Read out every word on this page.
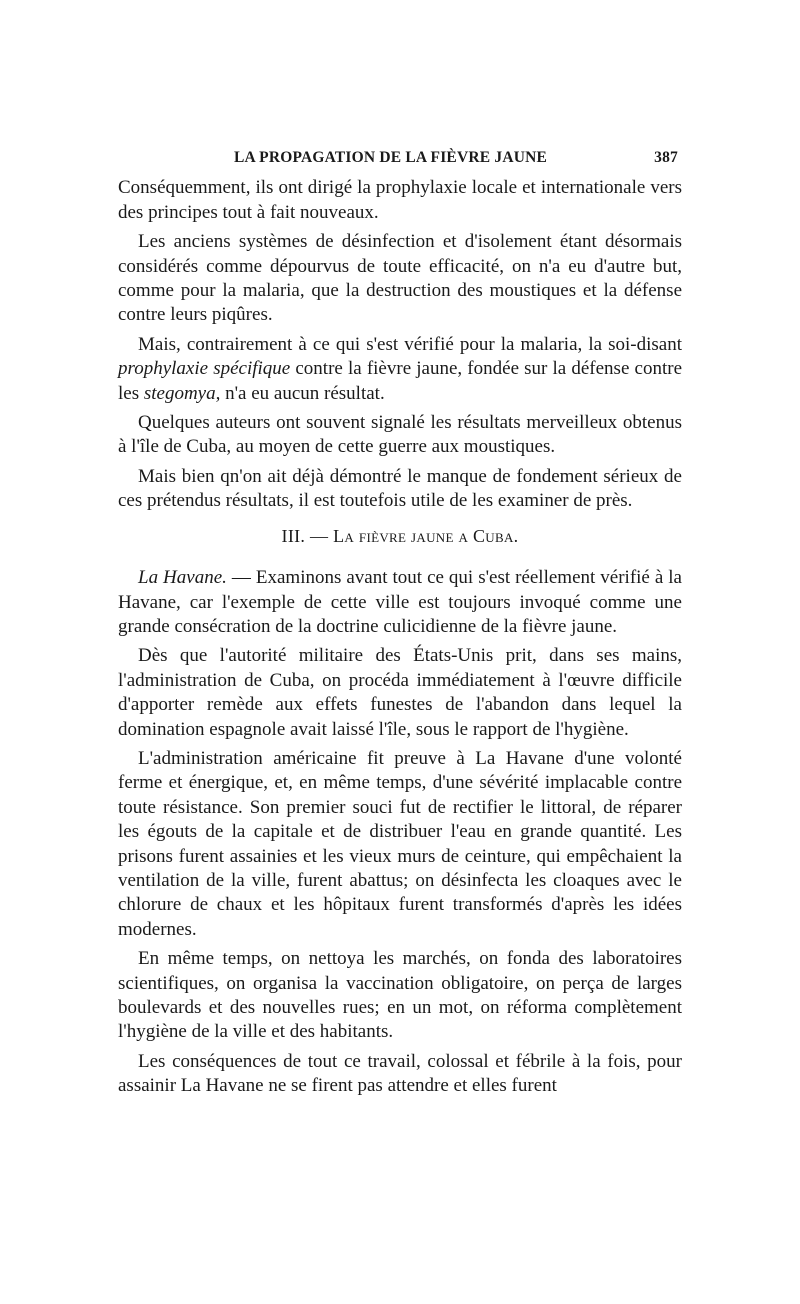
LA PROPAGATION DE LA FIÈVRE JAUNE	387

Conséquemment, ils ont dirigé la prophylaxie locale et internationale vers des principes tout à fait nouveaux.

Les anciens systèmes de désinfection et d'isolement étant désormais considérés comme dépourvus de toute efficacité, on n'a eu d'autre but, comme pour la malaria, que la destruction des moustiques et la défense contre leurs piqûres.

Mais, contrairement à ce qui s'est vérifié pour la malaria, la soi-disant prophylaxie spécifique contre la fièvre jaune, fondée sur la défense contre les stegomya, n'a eu aucun résultat.

Quelques auteurs ont souvent signalé les résultats merveilleux obtenus à l'île de Cuba, au moyen de cette guerre aux moustiques.

Mais bien qn'on ait déjà démontré le manque de fondement sérieux de ces prétendus résultats, il est toutefois utile de les examiner de près.

III. — La fièvre jaune a Cuba.

La Havane. — Examinons avant tout ce qui s'est réellement vérifié à la Havane, car l'exemple de cette ville est toujours invoqué comme une grande consécration de la doctrine culicidienne de la fièvre jaune.

Dès que l'autorité militaire des États-Unis prit, dans ses mains, l'administration de Cuba, on procéda immédiatement à l'œuvre difficile d'apporter remède aux effets funestes de l'abandon dans lequel la domination espagnole avait laissé l'île, sous le rapport de l'hygiène.

L'administration américaine fit preuve à La Havane d'une volonté ferme et énergique, et, en même temps, d'une sévérité implacable contre toute résistance. Son premier souci fut de rectifier le littoral, de réparer les égouts de la capitale et de distribuer l'eau en grande quantité. Les prisons furent assainies et les vieux murs de ceinture, qui empêchaient la ventilation de la ville, furent abattus; on désinfecta les cloaques avec le chlorure de chaux et les hôpitaux furent transformés d'après les idées modernes.

En même temps, on nettoya les marchés, on fonda des laboratoires scientifiques, on organisa la vaccination obligatoire, on perça de larges boulevards et des nouvelles rues; en un mot, on réforma complètement l'hygiène de la ville et des habitants.

Les conséquences de tout ce travail, colossal et fébrile à la fois, pour assainir La Havane ne se firent pas attendre et elles furent
